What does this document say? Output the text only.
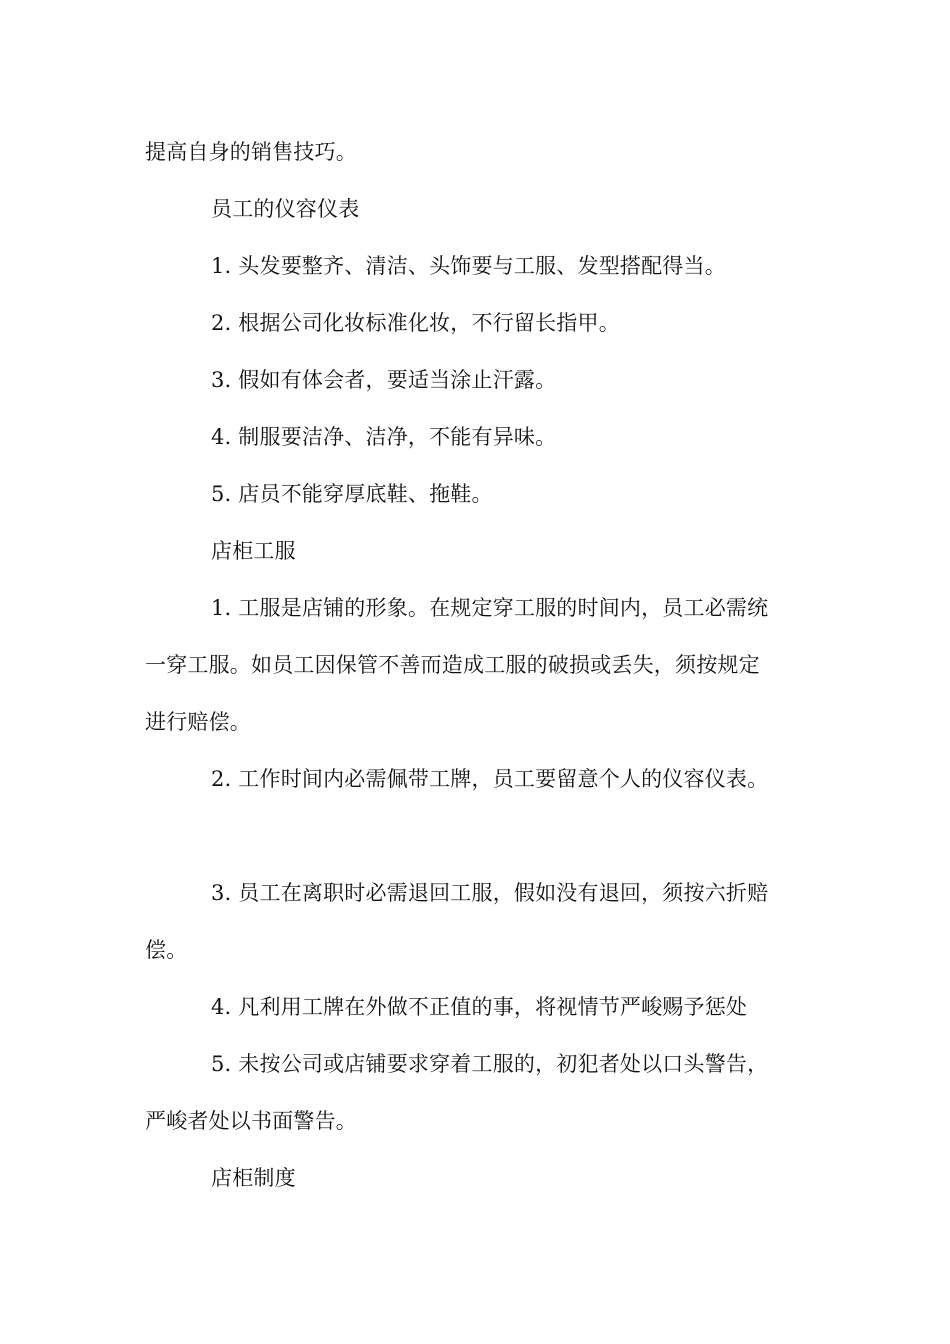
提高自身的销售技巧。
员工的仪容仪表
1. 头发要整齐、清洁、头饰要与工服、发型搭配得当。
2. 根据公司化妆标准化妆，不行留长指甲。
3. 假如有体会者，要适当涂止汗露。
4. 制服要洁净、洁净，不能有异味。
5. 店员不能穿厚底鞋、拖鞋。
店柜工服
1. 工服是店铺的形象。在规定穿工服的时间内，员工必需统
一穿工服。如员工因保管不善而造成工服的破损或丢失，须按规定
进行赔偿。
2. 工作时间内必需佩带工牌，员工要留意个人的仪容仪表。
3. 员工在离职时必需退回工服，假如没有退回，须按六折赔
偿。
4. 凡利用工牌在外做不正值的事，将视情节严峻赐予惩处
5. 未按公司或店铺要求穿着工服的，初犯者处以口头警告，
严峻者处以书面警告。
店柜制度
